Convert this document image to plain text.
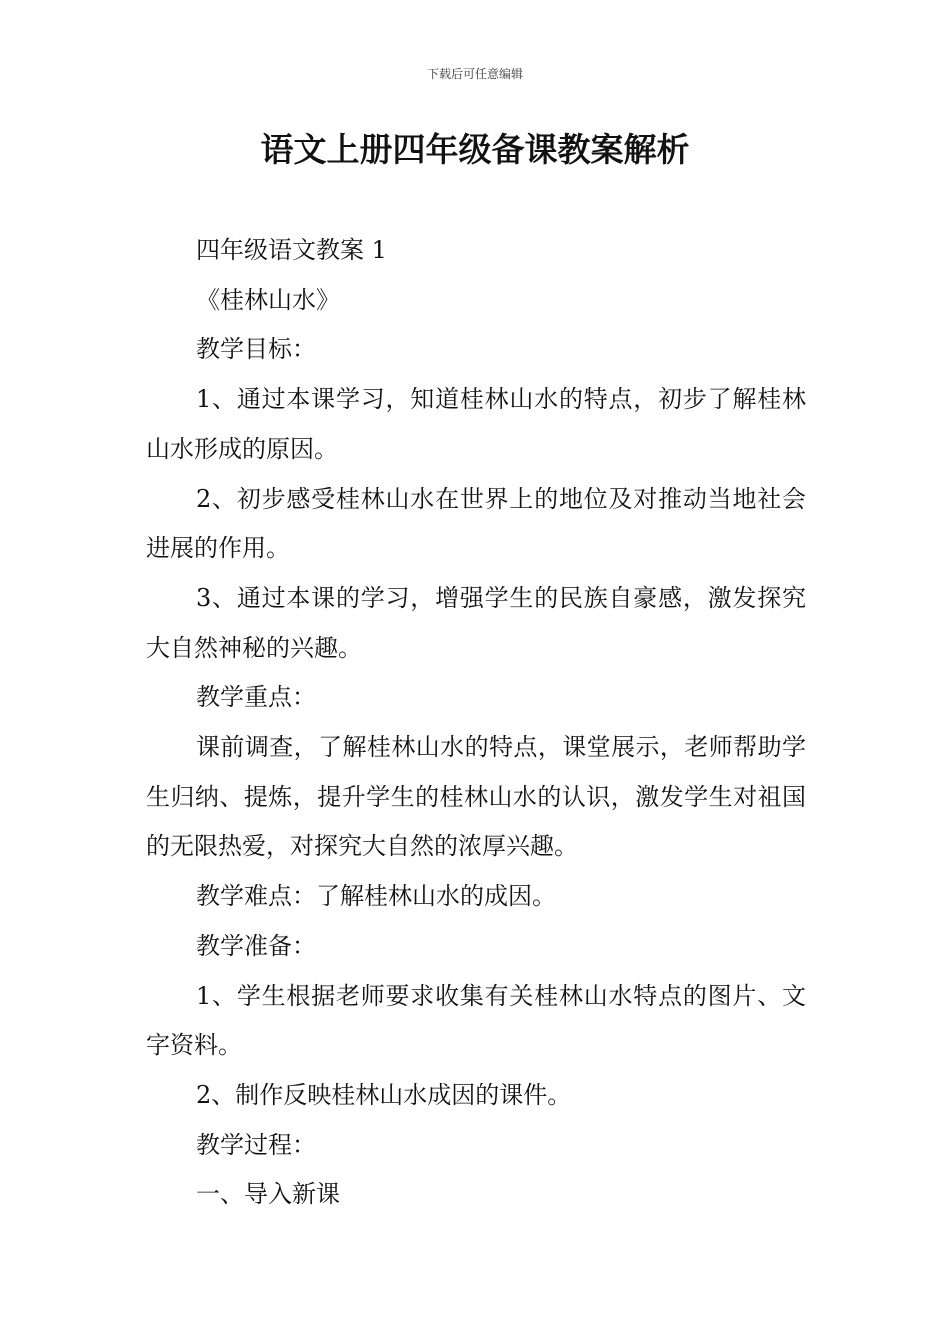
下载后可任意编辑
语文上册四年级备课教案解析

四年级语文教案 1

《桂林山水》

教学目标：

1、通过本课学习，知道桂林山水的特点，初步了解桂林山水形成的原因。

2、初步感受桂林山水在世界上的地位及对推动当地社会进展的作用。

3、通过本课的学习，增强学生的民族自豪感，激发探究大自然神秘的兴趣。

教学重点：

课前调查，了解桂林山水的特点，课堂展示，老师帮助学生归纳、提炼，提升学生的桂林山水的认识，激发学生对祖国的无限热爱，对探究大自然的浓厚兴趣。

教学难点：了解桂林山水的成因。

教学准备：

1、学生根据老师要求收集有关桂林山水特点的图片、文字资料。

2、制作反映桂林山水成因的课件。

教学过程：

一、导入新课
